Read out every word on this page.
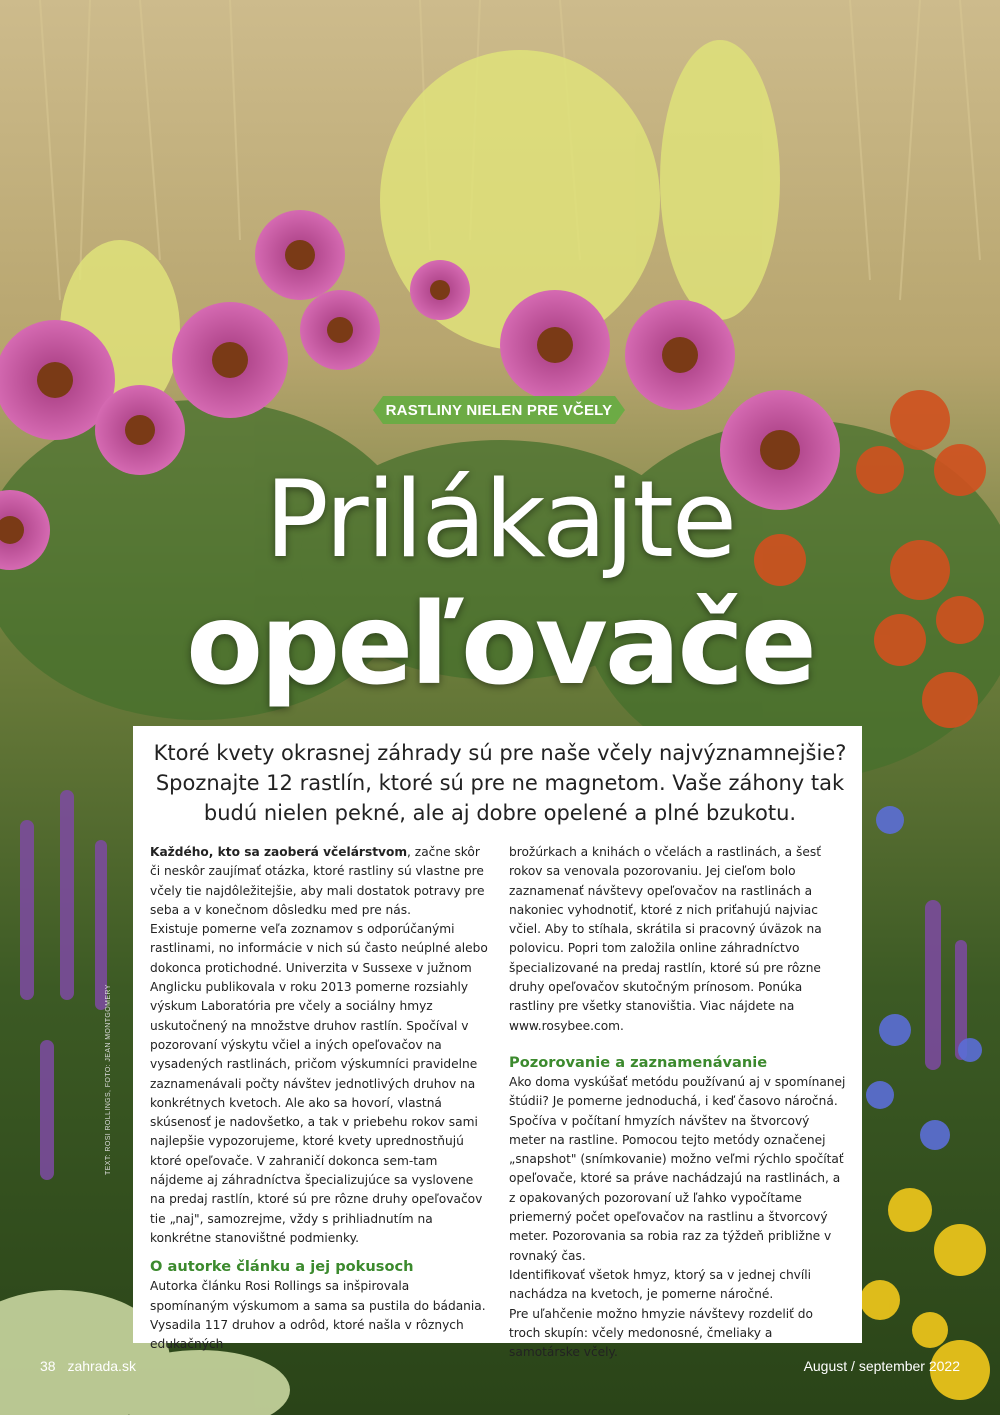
RASTLINY NIELEN PRE VČELY
Prilákajte
opeľovače
Ktoré kvety okrasnej záhrady sú pre naše včely najvýznamnejšie? Spoznajte 12 rastlín, ktoré sú pre ne magnetom. Vaše záhony tak budú nielen pekné, ale aj dobre opelené a plné bzukotu.

Každého, kto sa zaoberá včelárstvom, začne skôr či neskôr zaujímať otázka, ktoré rastliny sú vlastne pre včely tie najdôležitejšie, aby mali dostatok potravy pre seba a v konečnom dôsledku med pre nás.

Existuje pomerne veľa zoznamov s odporúčanými rastlinami, no informácie v nich sú často neúplné alebo dokonca protichodné. Univerzita v Sussexe v južnom Anglicku publikovala v roku 2013 pomerne rozsiahly výskum Laboratória pre včely a sociálny hmyz uskutočnený na množstve druhov rastlín. Spočíval v pozorovaní výskytu včiel a iných opeľovačov na vysadených rastlinách, pričom výskumníci pravidelne zaznamenávali počty návštev jednotlivých druhov na konkrétnych kvetoch. Ale ako sa hovorí, vlastná skúsenosť je nadovšetko, a tak v priebehu rokov sami najlepšie vypozorujeme, ktoré kvety uprednostňujú ktoré opeľovače. V zahraničí dokonca sem-tam nájdeme aj záhradníctva špecializujúce sa vyslovene na predaj rastlín, ktoré sú pre rôzne druhy opeľovačov tie „naj", samozrejme, vždy s prihliadnutím na konkrétne stanovištné podmienky.

O autorke článku a jej pokusoch

Autorka článku Rosi Rollings sa inšpirovala spomínaným výskumom a sama sa pustila do bádania. Vysadila 117 druhov a odrôd, ktoré našla v rôznych edukačných

brožúrkach a knihách o včelách a rastlinách, a šesť rokov sa venovala pozorovaniu. Jej cieľom bolo zaznamenať návštevy opeľovačov na rastlinách a nakoniec vyhodnotiť, ktoré z nich priťahujú najviac včiel. Aby to stíhala, skrátila si pracovný úväzok na polovicu. Popri tom založila online záhradníctvo špecializované na predaj rastlín, ktoré sú pre rôzne druhy opeľovačov skutočným prínosom. Ponúka rastliny pre všetky stanovištia. Viac nájdete na www.rosybee.com.

Pozorovanie a zaznamenávanie

Ako doma vyskúšať metódu používanú aj v spomínanej štúdii? Je pomerne jednoduchá, i keď časovo náročná. Spočíva v počítaní hmyzích návštev na štvorcový meter na rastline. Pomocou tejto metódy označenej „snapshot" (snímkovanie) možno veľmi rýchlo spočítať opeľovače, ktoré sa práve nachádzajú na rastlinách, a z opakovaných pozorovaní už ľahko vypočítame priemerný počet opeľovačov na rastlinu a štvorcový meter. Pozorovania sa robia raz za týždeň približne v rovnaký čas.

Identifikovať všetok hmyz, ktorý sa v jednej chvíli nachádza na kvetoch, je pomerne náročné.

Pre uľahčenie možno hmyzie návštevy rozdeliť do troch skupín: včely medonosné, čmeliaky a samotárske včely.

TEXT: ROSI ROLLINGS, FOTO: JEAN MONTGOMERY
38 zahrada.sk	August / september 2022
